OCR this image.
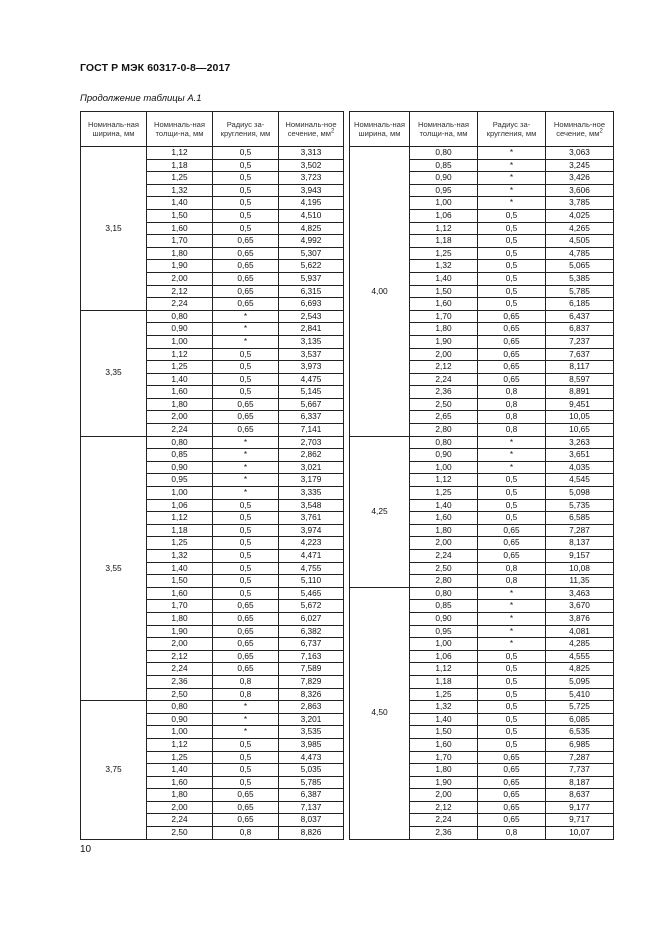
ГОСТ Р МЭК 60317-0-8—2017
Продолжение таблицы А.1
Номиналь-ная ширина, мм	Номиналь-ная толщи-на, мм	Радиус за-кругления, мм	Номиналь-ное сечение, $мм^2$		Номиналь-ная ширина, мм	Номиналь-ная толщи-на, мм	Радиус за-кругления, мм	Номиналь-ное сечение, $мм^2$
3,15	1,12	0,5	3,313		4,00	0,80	*	3,063
	1,18	0,5	3,502			0,85	*	3,245
	1,25	0,5	3,723			0,90	*	3,426
	1,32	0,5	3,943			0,95	*	3,606
	1,40	0,5	4,195			1,00	*	3,785
	1,50	0,5	4,510			1,06	0,5	4,025
	1,60	0,5	4,825			1,12	0,5	4,265
	1,70	0,65	4,992			1,18	0,5	4,505
	1,80	0,65	5,307			1,25	0,5	4,785
	1,90	0,65	5,622			1,32	0,5	5,065
	2,00	0,65	5,937			1,40	0,5	5,385
	2,12	0,65	6,315			1,50	0,5	5,785
	2,24	0,65	6,693			1,60	0,5	6,185
3,35	0,80	*	2,543			1,70	0,65	6,437
	0,90	*	2,841			1,80	0,65	6,837
	1,00	*	3,135			1,90	0,65	7,237
	1,12	0,5	3,537			2,00	0,65	7,637
	1,25	0,5	3,973			2,12	0,65	8,117
	1,40	0,5	4,475			2,24	0,65	8,597
	1,60	0,5	5,145			2,36	0,8	8,891
	1,80	0,65	5,667			2,50	0,8	9,451
	2,00	0,65	6,337			2,65	0,8	10,05
	2,24	0,65	7,141			2,80	0,8	10,65
3,55	0,80	*	2,703		4,25	0,80	*	3,263
	0,85	*	2,862			0,90	*	3,651
	0,90	*	3,021			1,00	*	4,035
	0,95	*	3,179			1,12	0,5	4,545
	1,00	*	3,335			1,25	0,5	5,098
	1,06	0,5	3,548			1,40	0,5	5,735
	1,12	0,5	3,761			1,60	0,5	6,585
	1,18	0,5	3,974			1,80	0,65	7,287
	1,25	0,5	4,223			2,00	0,65	8,137
	1,32	0,5	4,471			2,24	0,65	9,157
	1,40	0,5	4,755			2,50	0,8	10,08
	1,50	0,5	5,110			2,80	0,8	11,35
	1,60	0,5	5,465		4,50	0,80	*	3,463
	1,70	0,65	5,672			0,85	*	3,670
	1,80	0,65	6,027			0,90	*	3,876
	1,90	0,65	6,382			0,95	*	4,081
	2,00	0,65	6,737			1,00	*	4,285
	2,12	0,65	7,163			1,06	0,5	4,555
	2,24	0,65	7,589			1,12	0,5	4,825
	2,36	0,8	7,829			1,18	0,5	5,095
	2,50	0,8	8,326			1,25	0,5	5,410
3,75	0,80	*	2,863			1,32	0,5	5,725
	0,90	*	3,201			1,40	0,5	6,085
	1,00	*	3,535			1,50	0,5	6,535
	1,12	0,5	3,985			1,60	0,5	6,985
	1,25	0,5	4,473			1,70	0,65	7,287
	1,40	0,5	5,035			1,80	0,65	7,737
	1,60	0,5	5,785			1,90	0,65	8,187
	1,80	0,65	6,387			2,00	0,65	8,637
	2,00	0,65	7,137			2,12	0,65	9,177
	2,24	0,65	8,037			2,24	0,65	9,717
	2,50	0,8	8,826			2,36	0,8	10,07
10
